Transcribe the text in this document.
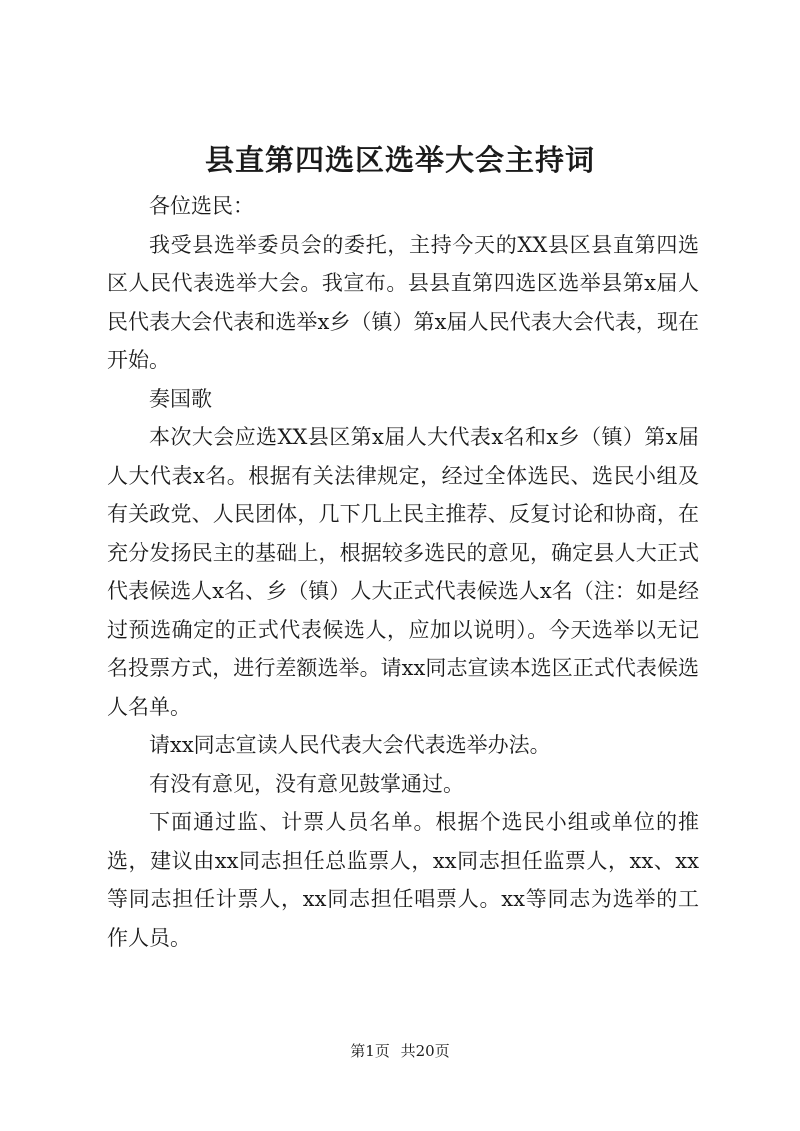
县直第四选区选举大会主持词

各位选民：

我受县选举委员会的委托，主持今天的XX县区县直第四选区人民代表选举大会。我宣布。县县直第四选区选举县第x届人民代表大会代表和选举x乡（镇）第x届人民代表大会代表，现在开始。

奏国歌

本次大会应选XX县区第x届人大代表x名和x乡（镇）第x届人大代表x名。根据有关法律规定，经过全体选民、选民小组及有关政党、人民团体，几下几上民主推荐、反复讨论和协商，在充分发扬民主的基础上，根据较多选民的意见，确定县人大正式代表候选人x名、乡（镇）人大正式代表候选人x名（注：如是经过预选确定的正式代表候选人，应加以说明）。今天选举以无记名投票方式，进行差额选举。请xx同志宣读本选区正式代表候选人名单。

请xx同志宣读人民代表大会代表选举办法。

有没有意见，没有意见鼓掌通过。

下面通过监、计票人员名单。根据个选民小组或单位的推选，建议由xx同志担任总监票人，xx同志担任监票人，xx、xx等同志担任计票人，xx同志担任唱票人。xx等同志为选举的工作人员。

第1页 共20页
